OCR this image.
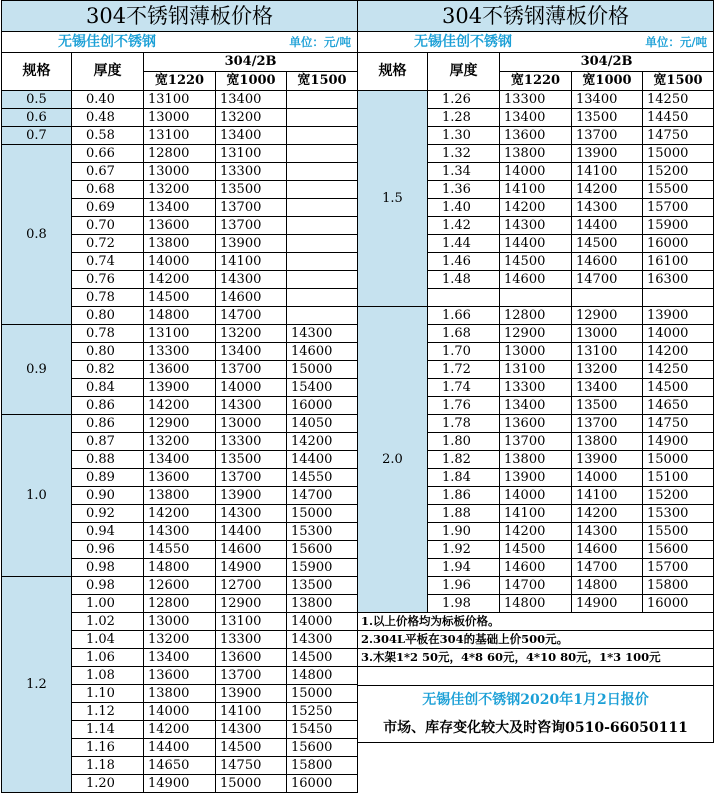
304不锈钢薄板价格				

单位：元/吨
无锡佳创不锈钢				
规格	厚度	304/2B		
		宽1220	宽1000	宽1500
0.5	0.40	13100	13400	
0.6	0.48	13000	13200	
0.7	0.58	13100	13400	
0.8	0.66	12800	13100	
	0.67	13000	13300	
	0.68	13200	13500	
	0.69	13400	13700	
	0.70	13600	13700	
	0.72	13800	13900	
	0.74	14000	14100	
	0.76	14200	14300	
	0.78	14500	14600	
	0.80	14800	14700	
0.9	0.78	13100	13200	14300
	0.80	13300	13400	14600
	0.82	13600	13700	15000
	0.84	13900	14000	15400
	0.86	14200	14300	16000
1.0	0.86	12900	13000	14050
	0.87	13200	13300	14200
	0.88	13400	13500	14400
	0.89	13600	13700	14550
	0.90	13800	13900	14700
	0.92	14200	14300	15000
	0.94	14300	14400	15300
	0.96	14550	14600	15600
	0.98	14800	14900	15900
1.2	0.98	12600	12700	13500
	1.00	12800	12900	13800
	1.02	13000	13100	14000
	1.04	13200	13300	14300
	1.06	13400	13600	14500
	1.08	13600	13700	14800
	1.10	13800	13900	15000
	1.12	14000	14100	15250
	1.14	14200	14300	15450
	1.16	14400	14500	15600
	1.18	14650	14750	15800
	1.20	14900	15000	16000
304不锈钢薄板价格				

单位：元/吨
无锡佳创不锈钢				
规格	厚度	304/2B		
		宽1220	宽1000	宽1500
1.5	1.26	13300	13400	14250
	1.28	13400	13500	14450
	1.30	13600	13700	14750
	1.32	13800	13900	15000
	1.34	14000	14100	15200
	1.36	14100	14200	15500
	1.40	14200	14300	15700
	1.42	14300	14400	15900
	1.44	14400	14500	16000
	1.46	14500	14600	16100
	1.48	14600	14700	16300

2.0	1.66	12800	12900	13900
	1.68	12900	13000	14000
	1.70	13000	13100	14200
	1.72	13100	13200	14250
	1.74	13300	13400	14500
	1.76	13400	13500	14650
	1.78	13600	13700	14750
	1.80	13700	13800	14900
	1.82	13800	13900	15000
	1.84	13900	14000	15100
	1.86	14000	14100	15200
	1.88	14100	14200	15300
	1.90	14200	14300	15500
	1.92	14500	14600	15600
	1.94	14600	14700	15700
	1.96	14700	14800	15800
	1.98	14800	14900	16000
1.以上价格均为标板价格。				
2.304L平板在304的基础上价500元。				
3.木架1*2 50元，4*8 60元，4*10 80元，1*3 100元				

无锡佳创不锈钢2020年1月2日报价				
市场、库存变化较大及时咨询0510-66050111				
